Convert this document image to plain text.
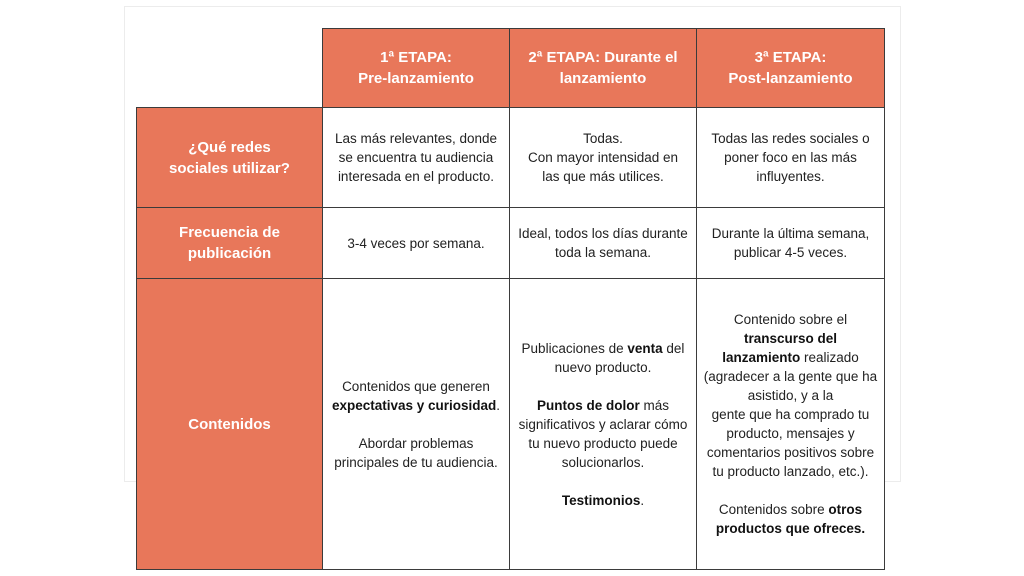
1ª ETAPA:
Pre-lanzamiento
2ª ETAPA: Durante el
lanzamiento
3ª ETAPA:
Post-lanzamiento
¿Qué redes
sociales utilizar?
Las más relevantes, donde
se encuentra tu audiencia
interesada en el producto.
Todas.
Con mayor intensidad en
las que más utilices.
Todas las redes sociales o
poner foco en las más
influyentes.
Frecuencia de
publicación
3-4 veces por semana.
Ideal, todos los días durante
toda la semana.
Durante la última semana,
publicar 4-5 veces.
Contenidos
Contenidos que generen
expectativas y curiosidad.
Abordar problemas
principales de tu audiencia.
Publicaciones de venta del
nuevo producto.
Puntos de dolor más
significativos y aclarar cómo
tu nuevo producto puede
solucionarlos.
Testimonios.
Contenido sobre el
transcurso del
lanzamiento realizado
(agradecer a la gente que ha
asistido, y a la
gente que ha comprado tu
producto, mensajes y
comentarios positivos sobre
tu producto lanzado, etc.).
Contenidos sobre otros
productos que ofreces.
